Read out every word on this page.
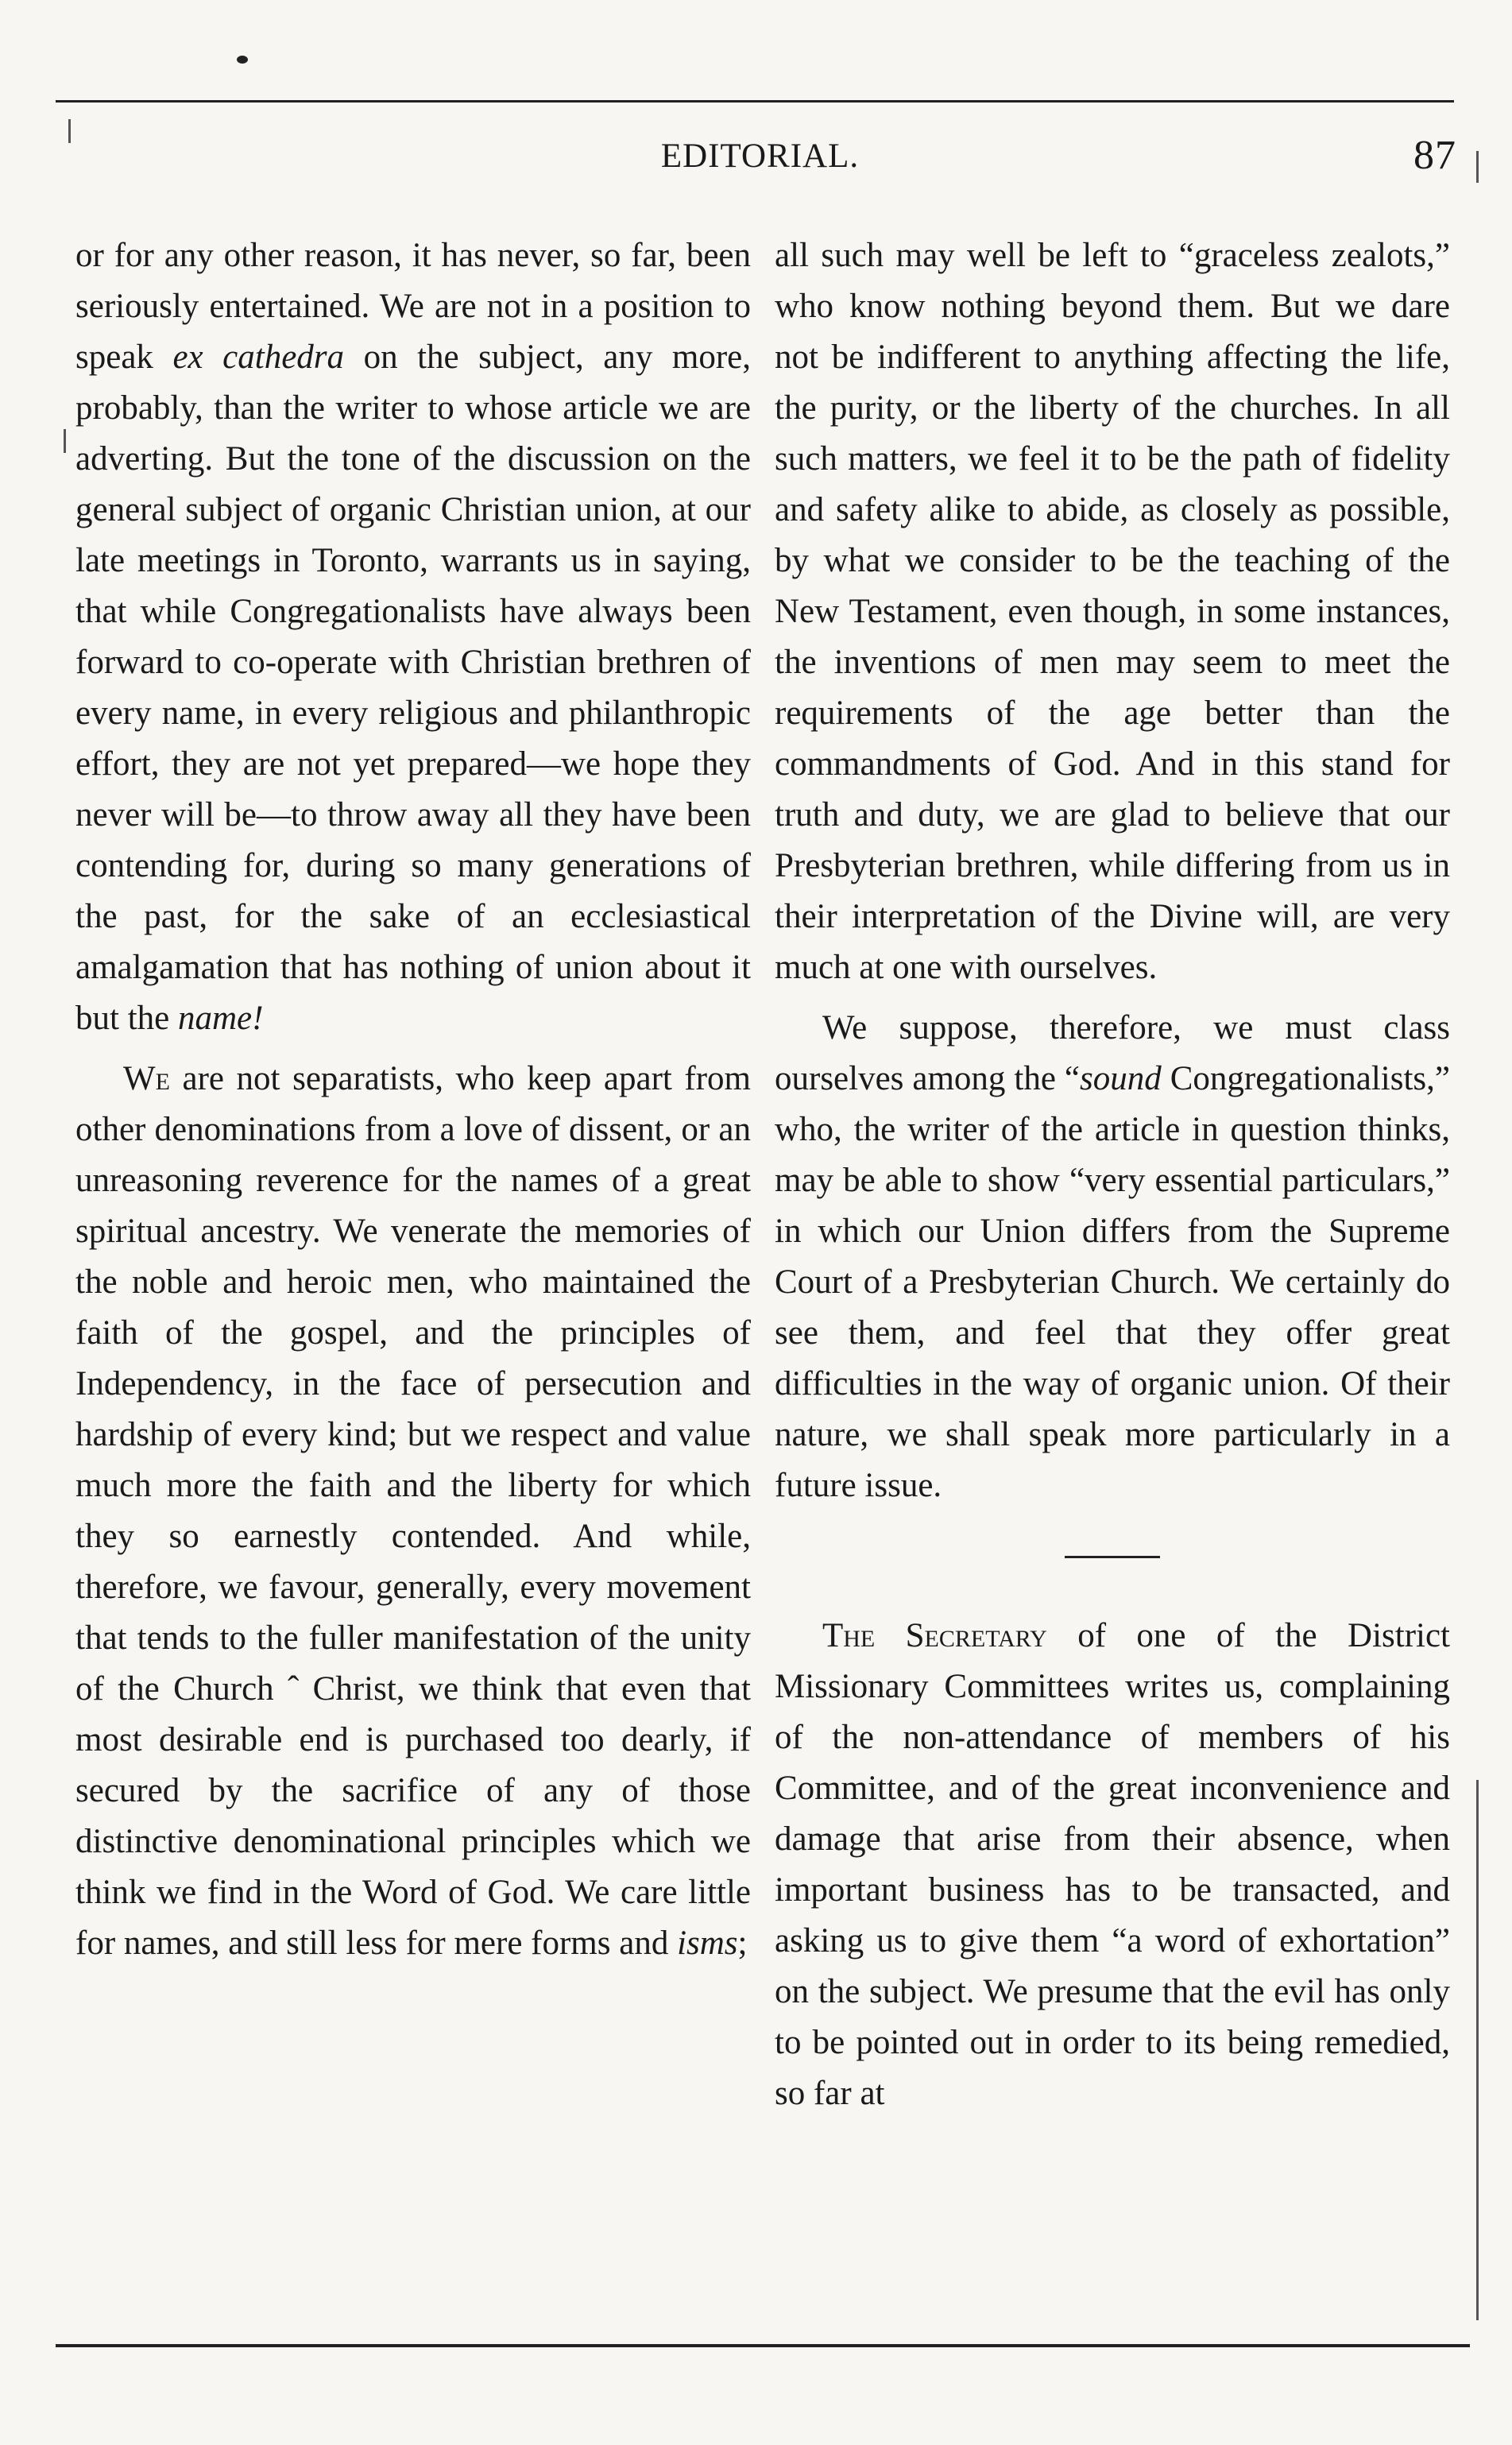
EDITORIAL.	87

or for any other reason, it has never, so far, been seriously entertained. We are not in a position to speak ex cathedra on the subject, any more, probably, than the writer to whose article we are adverting. But the tone of the discussion on the general subject of organic Christian union, at our late meetings in Toronto, warrants us in saying, that while Congregationalists have always been forward to co-operate with Christian brethren of every name, in every religious and philanthropic effort, they are not yet prepared—we hope they never will be—to throw away all they have been contending for, during so many generations of the past, for the sake of an ecclesiastical amalgamation that has nothing of union about it but the name!

We are not separatists, who keep apart from other denominations from a love of dissent, or an unreasoning reverence for the names of a great spiritual ancestry. We venerate the memories of the noble and heroic men, who maintained the faith of the gospel, and the principles of Independency, in the face of persecution and hardship of every kind; but we respect and value much more the faith and the liberty for which they so earnestly contended. And while, therefore, we favour, generally, every movement that tends to the fuller manifestation of the unity of the Church ˆ Christ, we think that even that most desirable end is purchased too dearly, if secured by the sacrifice of any of those distinctive denominational principles which we think we find in the Word of God. We care little for names, and still less for mere forms and isms;

all such may well be left to “graceless zealots,” who know nothing beyond them. But we dare not be indifferent to anything affecting the life, the purity, or the liberty of the churches. In all such matters, we feel it to be the path of fidelity and safety alike to abide, as closely as possible, by what we consider to be the teaching of the New Testament, even though, in some instances, the inventions of men may seem to meet the requirements of the age better than the commandments of God. And in this stand for truth and duty, we are glad to believe that our Presbyterian brethren, while differing from us in their interpretation of the Divine will, are very much at one with ourselves.

We suppose, therefore, we must class ourselves among the “sound Congregationalists,” who, the writer of the article in question thinks, may be able to show “very essential particulars,” in which our Union differs from the Supreme Court of a Presbyterian Church. We certainly do see them, and feel that they offer great difficulties in the way of organic union. Of their nature, we shall speak more particularly in a future issue.

The Secretary of one of the District Missionary Committees writes us, complaining of the non-attendance of members of his Committee, and of the great inconvenience and damage that arise from their absence, when important business has to be transacted, and asking us to give them “a word of exhortation” on the subject. We presume that the evil has only to be pointed out in order to its being remedied, so far at
